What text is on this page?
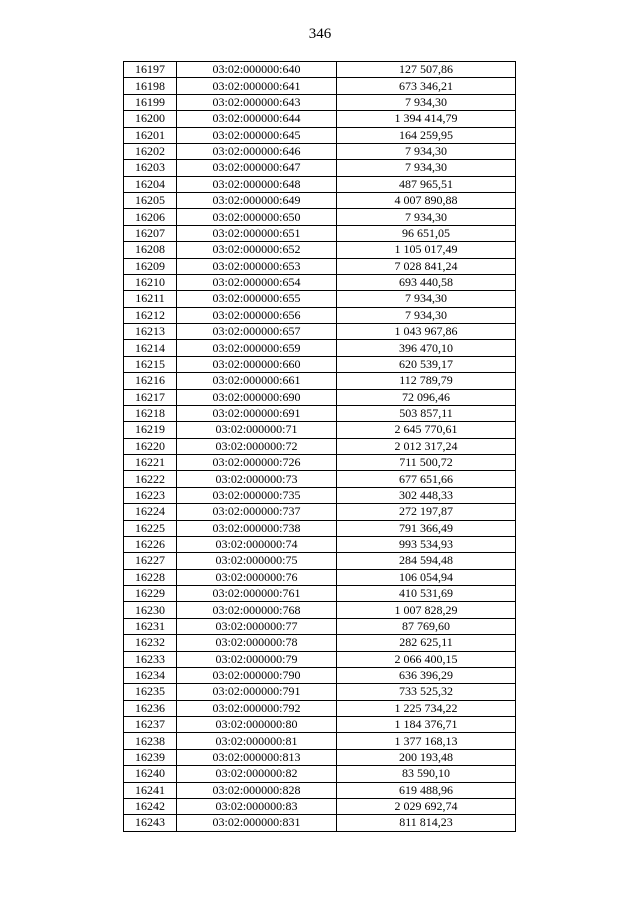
346
16197	03:02:000000:640	127 507,86
16198	03:02:000000:641	673 346,21
16199	03:02:000000:643	7 934,30
16200	03:02:000000:644	1 394 414,79
16201	03:02:000000:645	164 259,95
16202	03:02:000000:646	7 934,30
16203	03:02:000000:647	7 934,30
16204	03:02:000000:648	487 965,51
16205	03:02:000000:649	4 007 890,88
16206	03:02:000000:650	7 934,30
16207	03:02:000000:651	96 651,05
16208	03:02:000000:652	1 105 017,49
16209	03:02:000000:653	7 028 841,24
16210	03:02:000000:654	693 440,58
16211	03:02:000000:655	7 934,30
16212	03:02:000000:656	7 934,30
16213	03:02:000000:657	1 043 967,86
16214	03:02:000000:659	396 470,10
16215	03:02:000000:660	620 539,17
16216	03:02:000000:661	112 789,79
16217	03:02:000000:690	72 096,46
16218	03:02:000000:691	503 857,11
16219	03:02:000000:71	2 645 770,61
16220	03:02:000000:72	2 012 317,24
16221	03:02:000000:726	711 500,72
16222	03:02:000000:73	677 651,66
16223	03:02:000000:735	302 448,33
16224	03:02:000000:737	272 197,87
16225	03:02:000000:738	791 366,49
16226	03:02:000000:74	993 534,93
16227	03:02:000000:75	284 594,48
16228	03:02:000000:76	106 054,94
16229	03:02:000000:761	410 531,69
16230	03:02:000000:768	1 007 828,29
16231	03:02:000000:77	87 769,60
16232	03:02:000000:78	282 625,11
16233	03:02:000000:79	2 066 400,15
16234	03:02:000000:790	636 396,29
16235	03:02:000000:791	733 525,32
16236	03:02:000000:792	1 225 734,22
16237	03:02:000000:80	1 184 376,71
16238	03:02:000000:81	1 377 168,13
16239	03:02:000000:813	200 193,48
16240	03:02:000000:82	83 590,10
16241	03:02:000000:828	619 488,96
16242	03:02:000000:83	2 029 692,74
16243	03:02:000000:831	811 814,23
